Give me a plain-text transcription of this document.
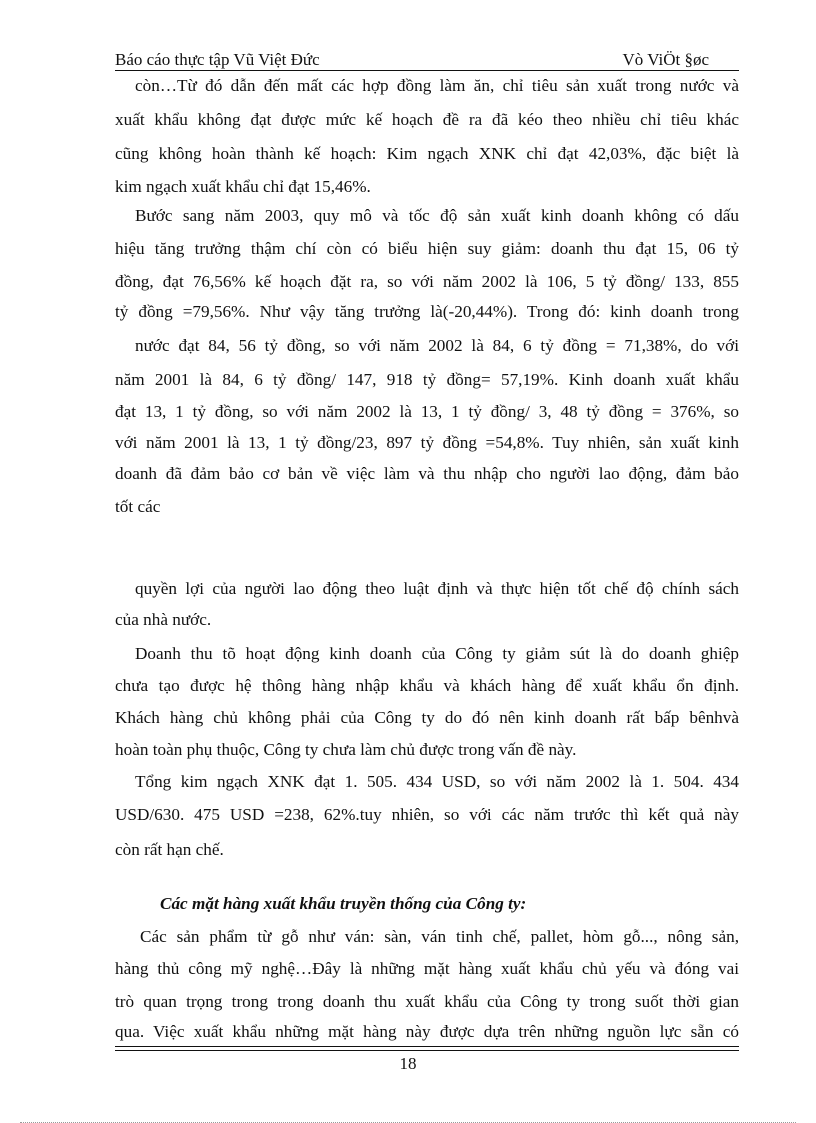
Báo cáo thực tập Vũ Việt Đức	Vò ViÖt §øc
còn…Từ đó dẫn đến mất các hợp đồng làm ăn, chỉ tiêu sản xuất trong nước và
xuất khẩu không đạt được mức kế hoạch đề ra đã kéo theo nhiều chỉ tiêu khác
cũng không hoàn thành kế hoạch: Kim ngạch XNK chỉ đạt 42,03%, đặc biệt là
kim ngạch xuất khẩu chỉ đạt 15,46%.
Bước sang năm 2003, quy mô và tốc độ sản xuất kinh doanh không có dấu
hiệu tăng trưởng thậm chí còn có biểu hiện suy giảm: doanh thu đạt 15, 06 tỷ
đồng, đạt 76,56% kế hoạch đặt ra, so với năm 2002 là 106, 5 tỷ đồng/ 133, 855
tỷ đồng =79,56%. Như vậy tăng trưởng là(-20,44%). Trong đó: kinh doanh trong
nước đạt 84, 56 tỷ đồng, so với năm 2002 là 84, 6 tỷ đồng = 71,38%, do với
năm 2001 là 84, 6 tỷ đồng/ 147, 918 tỷ đồng= 57,19%. Kinh doanh xuất khẩu
đạt 13, 1 tỷ đồng, so với năm 2002 là 13, 1 tỷ đồng/ 3, 48 tỷ đồng = 376%, so
với năm 2001 là 13, 1 tỷ đồng/23, 897 tỷ đồng =54,8%. Tuy nhiên, sản xuất kinh
doanh đã đảm bảo cơ bản về việc làm và thu nhập cho người lao động, đảm bảo
tốt các
quyền lợi của người lao động theo luật định và thực hiện tốt chế độ chính sách
của nhà nước.
Doanh thu tõ hoạt động kinh doanh của Công ty giảm sút là do doanh ghiệp
chưa tạo được hệ thông hàng nhập khẩu và khách hàng để xuất khẩu ổn định.
Khách hàng chủ không phải của Công ty do đó nên kinh doanh rất bấp bênhvà
hoàn toàn phụ thuộc, Công ty chưa làm chủ được trong vấn đề này.
Tổng kim ngạch XNK đạt 1. 505. 434 USD, so với năm 2002 là 1. 504. 434
USD/630. 475 USD =238, 62%.tuy nhiên, so với các năm trước thì kết quả này
còn rất hạn chế.
Các mặt hàng xuất khẩu truyền thống của Công ty:
Các sản phẩm từ gỗ như ván: sàn, ván tinh chế, pallet, hòm gỗ..., nông sản,
hàng thủ công mỹ nghệ…Đây là những mặt hàng xuất khẩu chủ yếu và đóng vai
trò quan trọng trong trong doanh thu xuất khẩu của Công ty trong suốt thời gian
qua. Việc xuất khẩu những mặt hàng này được dựa trên những nguồn lực sẵn có
18
